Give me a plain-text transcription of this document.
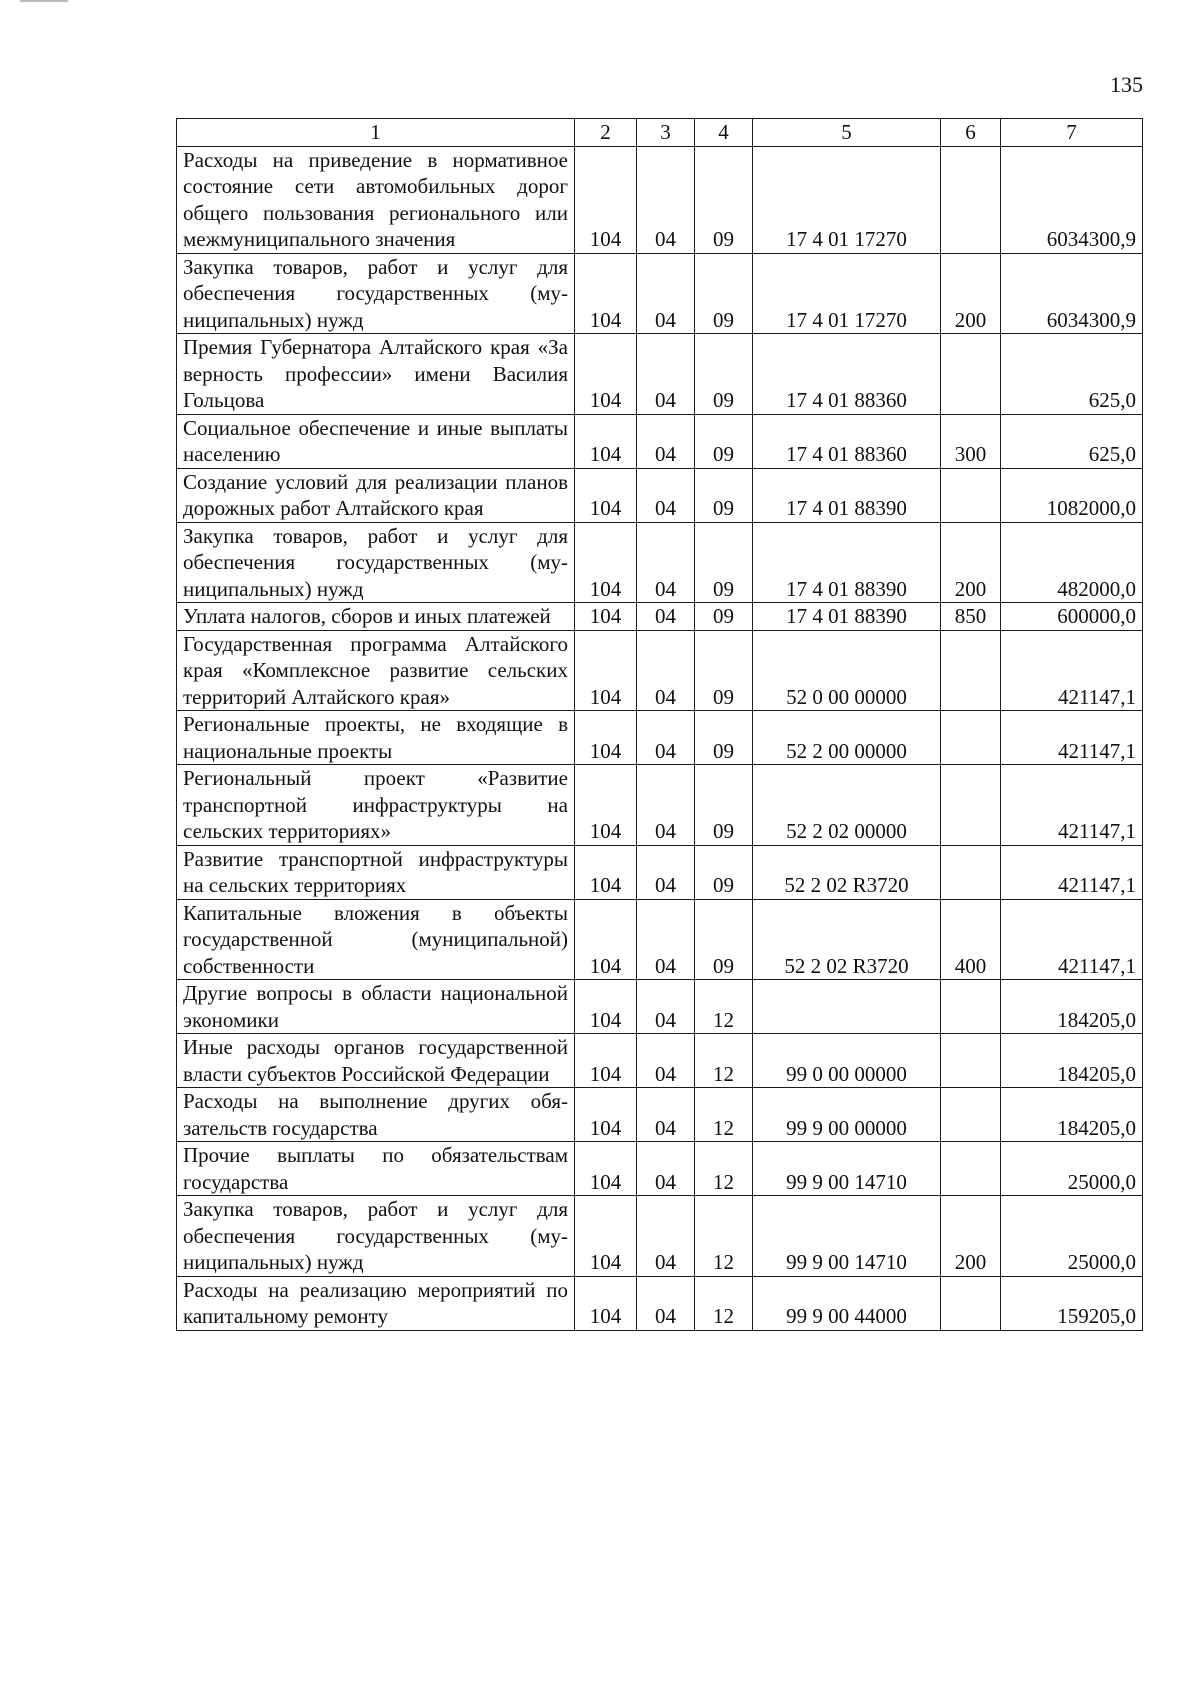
135
1	2	3	4	5	6	7
Расходы на приведение в нормативное состояние сети автомобильных дорог общего пользования регионального или межмуниципального значения	104	04	09	17 4 01 17270		6034300,9
Закупка товаров, работ и услуг для обеспечения государственных (муниципальных) нужд	104	04	09	17 4 01 17270	200	6034300,9
Премия Губернатора Алтайского края «За верность профессии» имени Василия Гольцова	104	04	09	17 4 01 88360		625,0
Социальное обеспечение и иные выплаты населению	104	04	09	17 4 01 88360	300	625,0
Создание условий для реализации планов дорожных работ Алтайского края	104	04	09	17 4 01 88390		1082000,0
Закупка товаров, работ и услуг для обеспечения государственных (муниципальных) нужд	104	04	09	17 4 01 88390	200	482000,0
Уплата налогов, сборов и иных платежей	104	04	09	17 4 01 88390	850	600000,0
Государственная программа Алтайского края «Комплексное развитие сельских территорий Алтайского края»	104	04	09	52 0 00 00000		421147,1
Региональные проекты, не входящие в национальные проекты	104	04	09	52 2 00 00000		421147,1
Региональный проект «Развитие транспортной инфраструктуры на сельских территориях»	104	04	09	52 2 02 00000		421147,1
Развитие транспортной инфраструктуры на сельских территориях	104	04	09	52 2 02 R3720		421147,1
Капитальные вложения в объекты государственной (муниципальной) собственности	104	04	09	52 2 02 R3720	400	421147,1
Другие вопросы в области национальной экономики	104	04	12			184205,0
Иные расходы органов государственной власти субъектов Российской Федерации	104	04	12	99 0 00 00000		184205,0
Расходы на выполнение других обязательств государства	104	04	12	99 9 00 00000		184205,0
Прочие выплаты по обязательствам государства	104	04	12	99 9 00 14710		25000,0
Закупка товаров, работ и услуг для обеспечения государственных (муниципальных) нужд	104	04	12	99 9 00 14710	200	25000,0
Расходы на реализацию мероприятий по капитальному ремонту	104	04	12	99 9 00 44000		159205,0
